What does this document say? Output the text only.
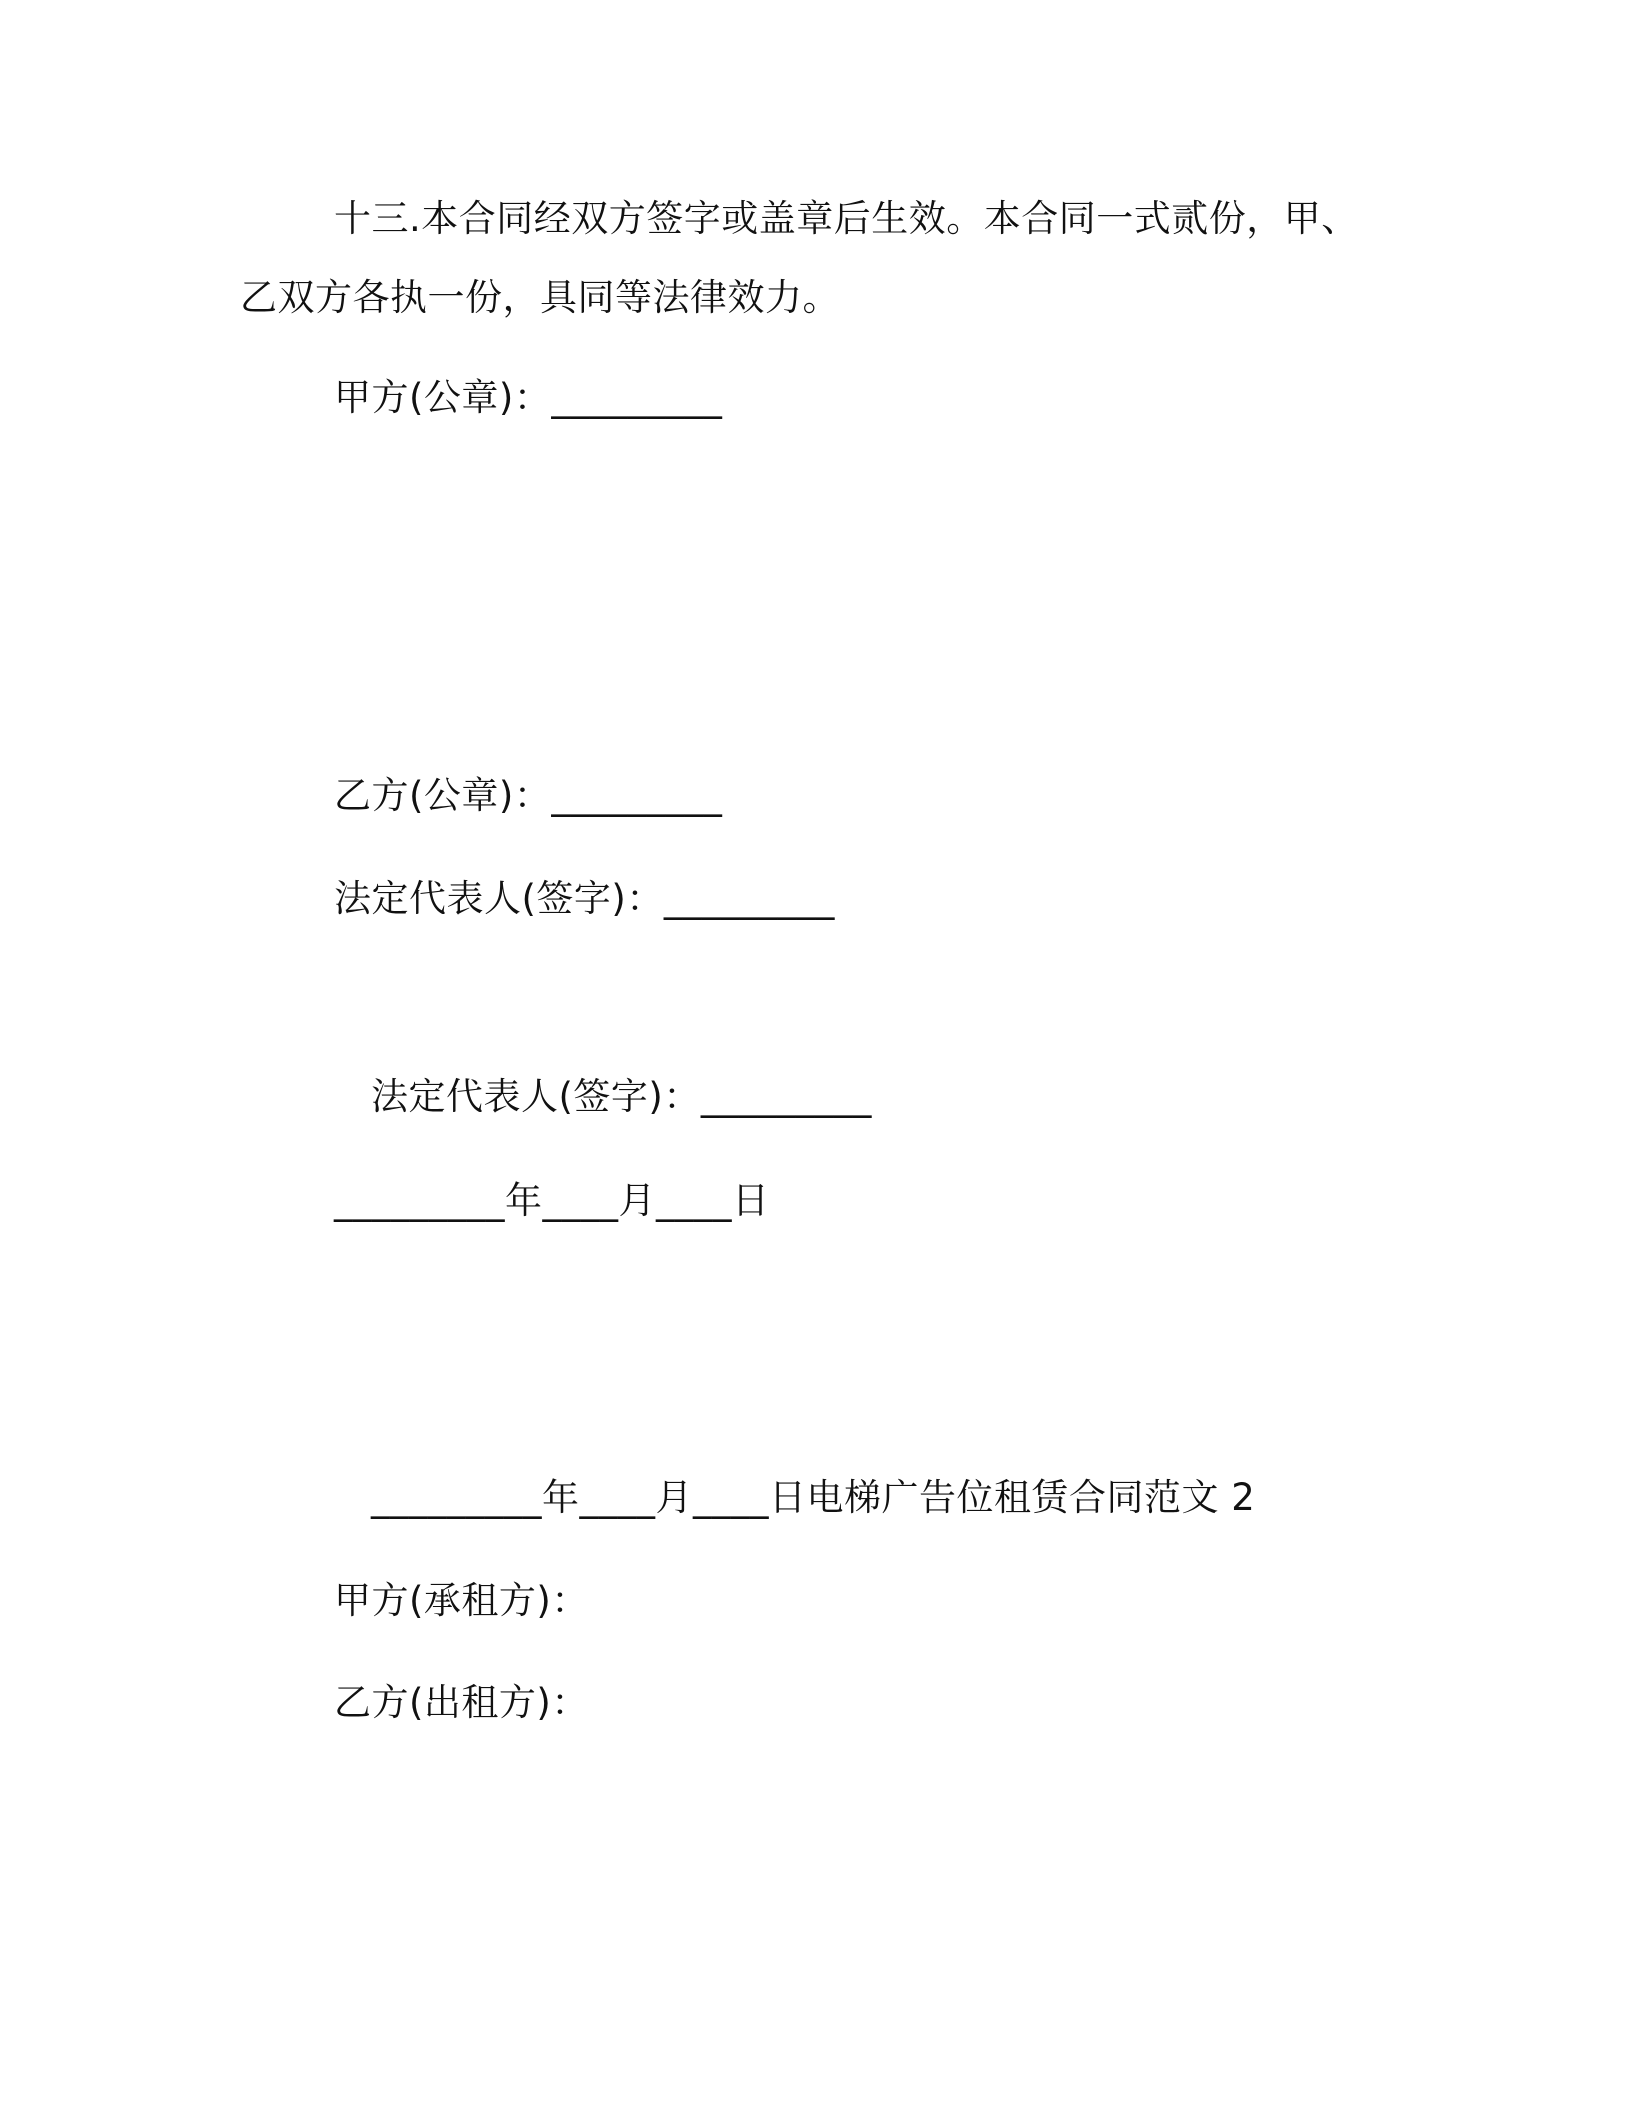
十三.本合同经双方签字或盖章后生效。本合同一式贰份，甲、
乙双方各执一份，具同等法律效力。
甲方(公章)：_________
乙方(公章)：_________
法定代表人(签字)：_________
法定代表人(签字)：_________
_________年____月____日
_________年____月____日电梯广告位租赁合同范文 2
甲方(承租方)：
乙方(出租方)：
